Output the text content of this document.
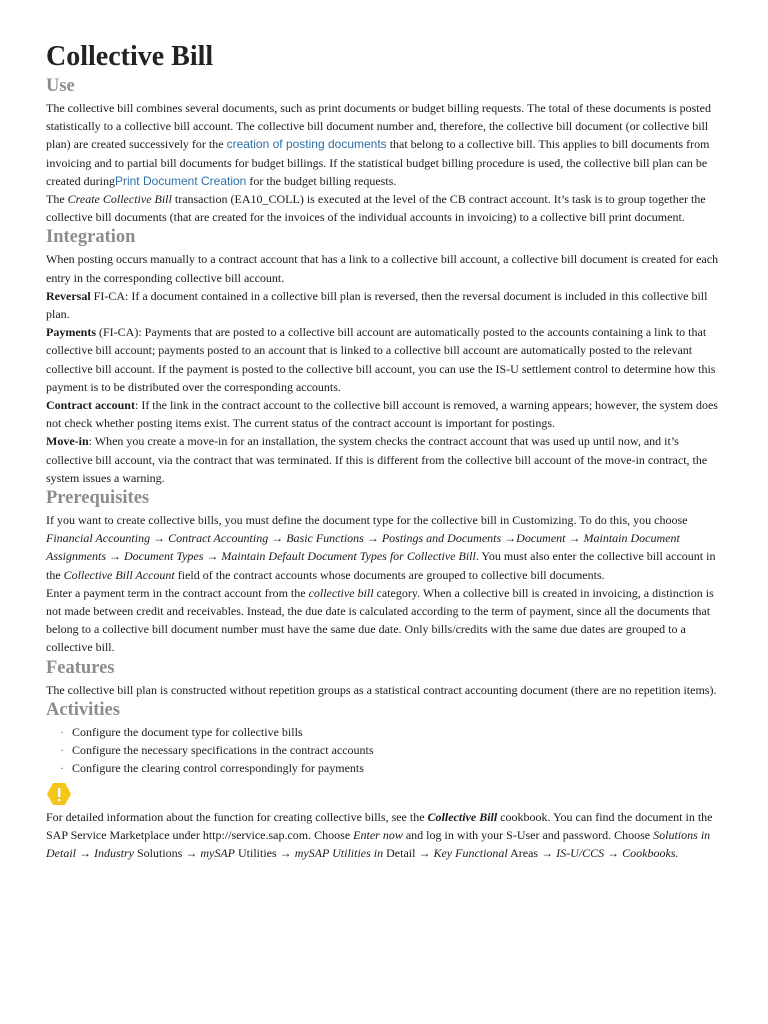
Collective Bill
Use

The collective bill combines several documents, such as print documents or budget billing requests. The total of these documents is posted statistically to a collective bill account. The collective bill document number and, therefore, the collective bill document (or collective bill plan) are created successively for the creation of posting documents that belong to a collective bill. This applies to bill documents from invoicing and to partial bill documents for budget billings. If the statistical budget billing procedure is used, the collective bill plan can be created duringPrint Document Creation for the budget billing requests.

The Create Collective Bill transaction (EA10_COLL) is executed at the level of the CB contract account. It’s task is to group together the collective bill documents (that are created for the invoices of the individual accounts in invoicing) to a collective bill print document.

Integration

When posting occurs manually to a contract account that has a link to a collective bill account, a collective bill document is created for each entry in the corresponding collective bill account.

Reversal FI-CA: If a document contained in a collective bill plan is reversed, then the reversal document is included in this collective bill plan.

Payments (FI-CA): Payments that are posted to a collective bill account are automatically posted to the accounts containing a link to that collective bill account; payments posted to an account that is linked to a collective bill account are automatically posted to the relevant collective bill account. If the payment is posted to the collective bill account, you can use the IS-U settlement control to determine how this payment is to be distributed over the corresponding accounts.

Contract account: If the link in the contract account to the collective bill account is removed, a warning appears; however, the system does not check whether posting items exist. The current status of the contract account is important for postings.

Move-in: When you create a move-in for an installation, the system checks the contract account that was used up until now, and it’s collective bill account, via the contract that was terminated. If this is different from the collective bill account of the move-in contract, the system issues a warning.

Prerequisites

If you want to create collective bills, you must define the document type for the collective bill in Customizing. To do this, you choose Financial Accounting → Contract Accounting → Basic Functions → Postings and Documents →Document → Maintain Document Assignments → Document Types → Maintain Default Document Types for Collective Bill. You must also enter the collective bill account in the Collective Bill Account field of the contract accounts whose documents are grouped to collective bill documents.

Enter a payment term in the contract account from the collective bill category. When a collective bill is created in invoicing, a distinction is not made between credit and receivables. Instead, the due date is calculated according to the term of payment, since all the documents that belong to a collective bill document number must have the same due date. Only bills/credits with the same due dates are grouped to a collective bill.

Features

The collective bill plan is constructed without repetition groups as a statistical contract accounting document (there are no repetition items).

Activities
· Configure the document type for collective bills
· Configure the necessary specifications in the contract accounts
· Configure the clearing control correspondingly for payments

For detailed information about the function for creating collective bills, see the Collective Bill cookbook. You can find the document in the SAP Service Marketplace under http://service.sap.com. Choose Enter now and log in with your S-User and password. Choose Solutions in Detail → Industry Solutions → mySAP Utilities → mySAP Utilities in Detail → Key Functional Areas → IS-U/CCS → Cookbooks.
